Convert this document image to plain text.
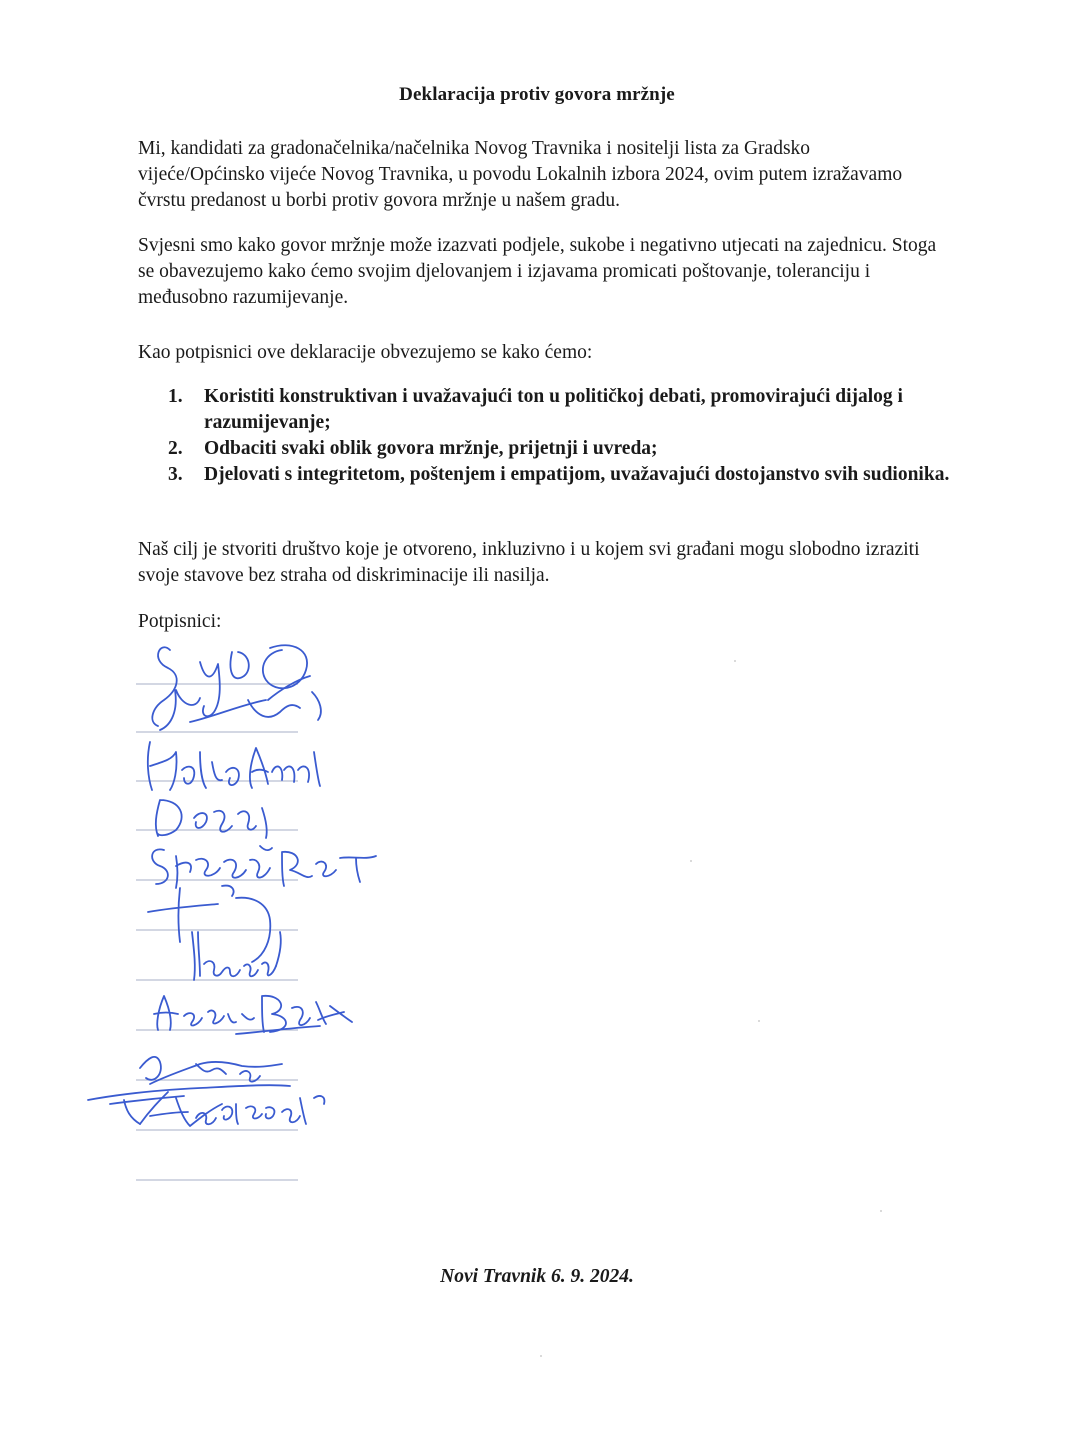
Deklaracija protiv govora mržnje

Mi, kandidati za gradonačelnika/načelnika Novog Travnika i nositelji lista za Gradsko vijeće/Općinsko vijeće Novog Travnika, u povodu Lokalnih izbora 2024, ovim putem izražavamo čvrstu predanost u borbi protiv govora mržnje u našem gradu.

Svjesni smo kako govor mržnje može izazvati podjele, sukobe i negativno utjecati na zajednicu. Stoga se obavezujemo kako ćemo svojim djelovanjem i izjavama promicati poštovanje, toleranciju i međusobno razumijevanje.

Kao potpisnici ove deklaracije obvezujemo se kako ćemo:

1. Koristiti konstruktivan i uvažavajući ton u političkoj debati, promovirajući dijalog i razumijevanje;
2. Odbaciti svaki oblik govora mržnje, prijetnji i uvreda;
3. Djelovati s integritetom, poštenjem i empatijom, uvažavajući dostojanstvo svih sudionika.

Naš cilj je stvoriti društvo koje je otvoreno, inkluzivno i u kojem svi građani mogu slobodno izraziti svoje stavove bez straha od diskriminacije ili nasilja.

Potpisnici:
Novi Travnik 6. 9. 2024.
